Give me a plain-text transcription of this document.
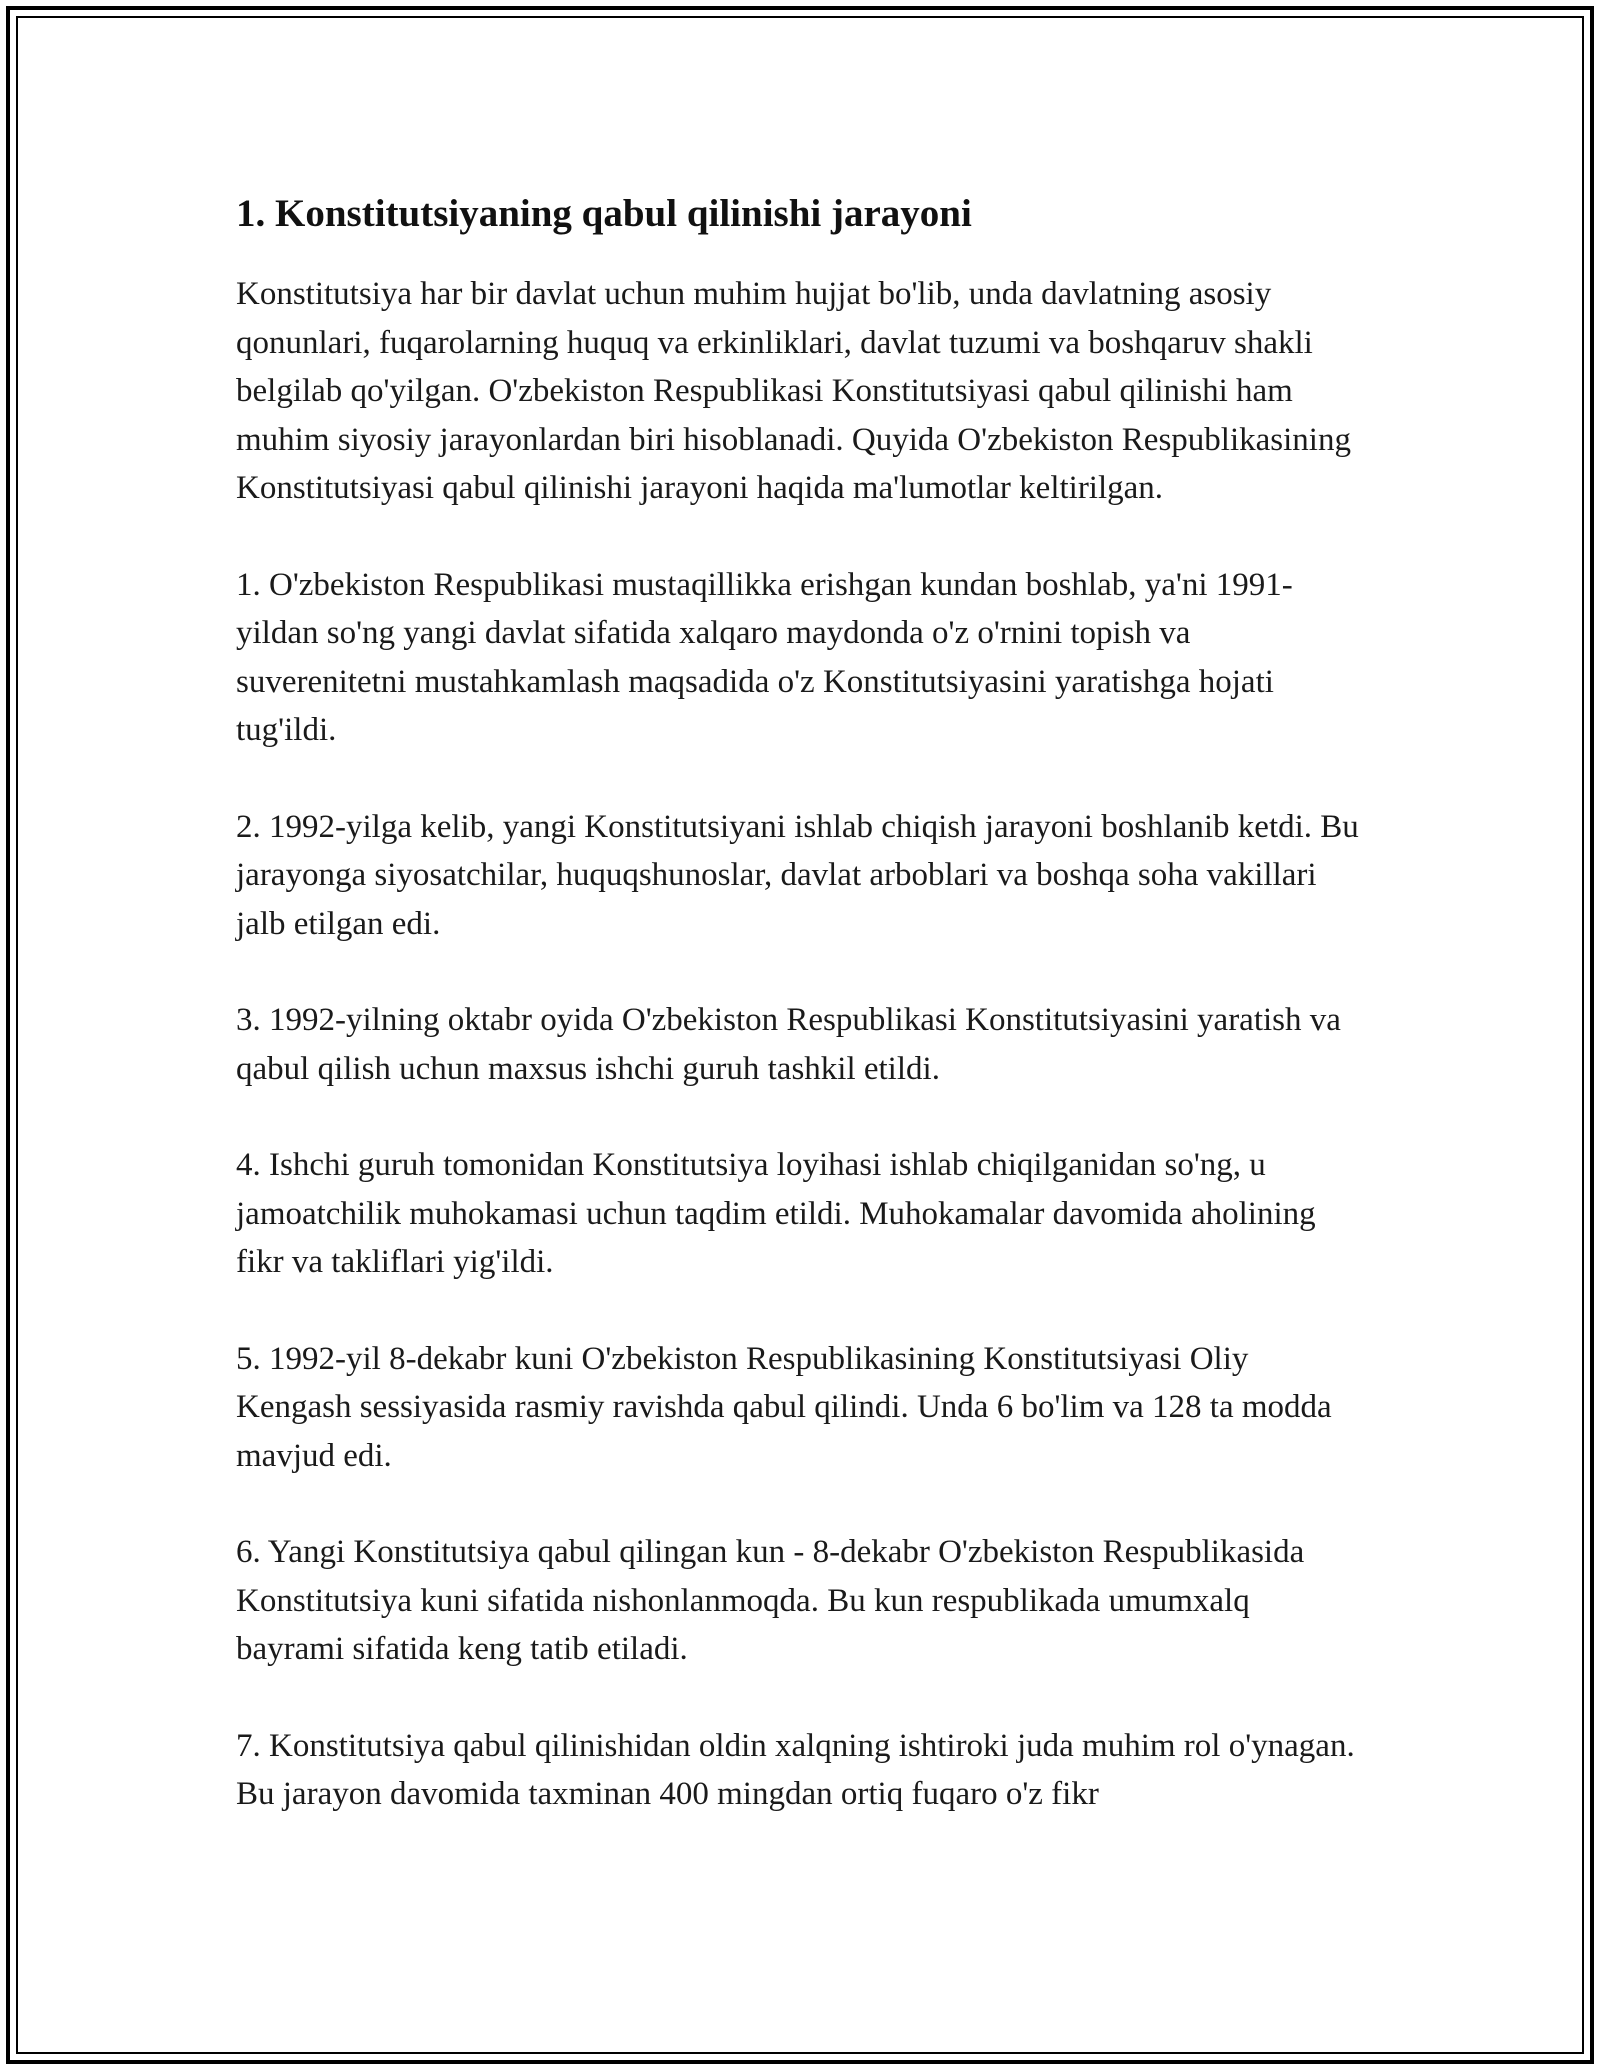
1. Konstitutsiyaning qabul qilinishi jarayoni

Konstitutsiya har bir davlat uchun muhim hujjat bo'lib, unda davlatning asosiy qonunlari, fuqarolarning huquq va erkinliklari, davlat tuzumi va boshqaruv shakli belgilab qo'yilgan. O'zbekiston Respublikasi Konstitutsiyasi qabul qilinishi ham muhim siyosiy jarayonlardan biri hisoblanadi. Quyida O'zbekiston Respublikasining Konstitutsiyasi qabul qilinishi jarayoni haqida ma'lumotlar keltirilgan.

1. O'zbekiston Respublikasi mustaqillikka erishgan kundan boshlab, ya'ni 1991-yildan so'ng yangi davlat sifatida xalqaro maydonda o'z o'rnini topish va suverenitetni mustahkamlash maqsadida o'z Konstitutsiyasini yaratishga hojati tug'ildi.

2. 1992-yilga kelib, yangi Konstitutsiyani ishlab chiqish jarayoni boshlanib ketdi. Bu jarayonga siyosatchilar, huquqshunoslar, davlat arboblari va boshqa soha vakillari jalb etilgan edi.

3. 1992-yilning oktabr oyida O'zbekiston Respublikasi Konstitutsiyasini yaratish va qabul qilish uchun maxsus ishchi guruh tashkil etildi.

4. Ishchi guruh tomonidan Konstitutsiya loyihasi ishlab chiqilganidan so'ng, u jamoatchilik muhokamasi uchun taqdim etildi. Muhokamalar davomida aholining fikr va takliflari yig'ildi.

5. 1992-yil 8-dekabr kuni O'zbekiston Respublikasining Konstitutsiyasi Oliy Kengash sessiyasida rasmiy ravishda qabul qilindi. Unda 6 bo'lim va 128 ta modda mavjud edi.

6. Yangi Konstitutsiya qabul qilingan kun - 8-dekabr O'zbekiston Respublikasida Konstitutsiya kuni sifatida nishonlanmoqda. Bu kun respublikada umumxalq bayrami sifatida keng tatib etiladi.

7. Konstitutsiya qabul qilinishidan oldin xalqning ishtiroki juda muhim rol o'ynagan. Bu jarayon davomida taxminan 400 mingdan ortiq fuqaro o'z fikr
